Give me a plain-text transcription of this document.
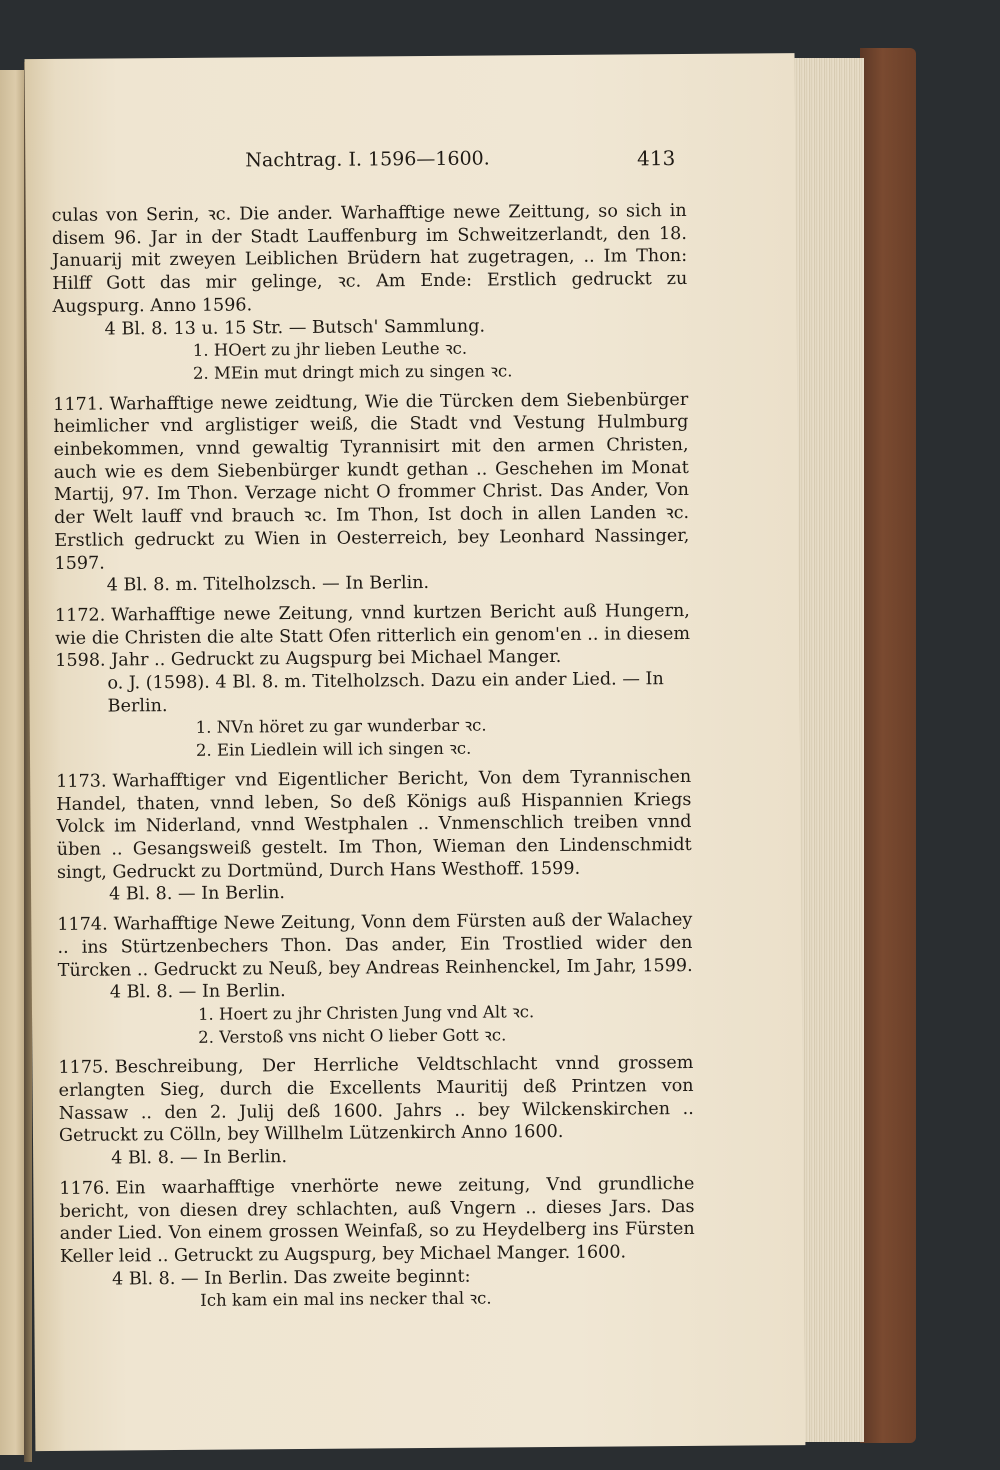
Nachtrag. I. 1596—1600.	413

culas von Serin, ꝛc. Die ander. Warhafftige newe Zeittung, so sich in disem 96. Jar in der Stadt Lauffenburg im Schweitzerlandt, den 18. Januarij mit zweyen Leiblichen Brüdern hat zugetragen, .. Im Thon: Hilff Gott das mir gelinge, ꝛc. Am Ende: Erstlich gedruckt zu Augspurg. Anno 1596.

4 Bl. 8. 13 u. 15 Str. — Butsch' Sammlung.

1. HOert zu jhr lieben Leuthe ꝛc.

2. MEin mut dringt mich zu singen ꝛc.

1171. Warhafftige newe zeidtung, Wie die Türcken dem Siebenbürger heimlicher vnd arglistiger weiß, die Stadt vnd Vestung Hulmburg einbekommen, vnnd gewaltig Tyrannisirt mit den armen Christen, auch wie es dem Siebenbürger kundt gethan .. Geschehen im Monat Martij, 97. Im Thon. Verzage nicht O frommer Christ. Das Ander, Von der Welt lauff vnd brauch ꝛc. Im Thon, Ist doch in allen Landen ꝛc. Erstlich gedruckt zu Wien in Oesterreich, bey Leonhard Nassinger, 1597.

4 Bl. 8. m. Titelholzsch. — In Berlin.

1172. Warhafftige newe Zeitung, vnnd kurtzen Bericht auß Hungern, wie die Christen die alte Statt Ofen ritterlich ein genom'en .. in diesem 1598. Jahr .. Gedruckt zu Augspurg bei Michael Manger.

o. J. (1598). 4 Bl. 8. m. Titelholzsch. Dazu ein ander Lied. — In Berlin.

1. NVn höret zu gar wunderbar ꝛc.

2. Ein Liedlein will ich singen ꝛc.

1173. Warhafftiger vnd Eigentlicher Bericht, Von dem Tyrannischen Handel, thaten, vnnd leben, So deß Königs auß Hispannien Kriegs Volck im Niderland, vnnd Westphalen .. Vnmenschlich treiben vnnd üben .. Gesangsweiß gestelt. Im Thon, Wieman den Lindenschmidt singt, Gedruckt zu Dortmünd, Durch Hans Westhoff. 1599.

4 Bl. 8. — In Berlin.

1174. Warhafftige Newe Zeitung, Vonn dem Fürsten auß der Walachey .. ins Stürtzenbechers Thon. Das ander, Ein Trostlied wider den Türcken .. Gedruckt zu Neuß, bey Andreas Reinhenckel, Im Jahr, 1599.

4 Bl. 8. — In Berlin.

1. Hoert zu jhr Christen Jung vnd Alt ꝛc.

2. Verstoß vns nicht O lieber Gott ꝛc.

1175. Beschreibung, Der Herrliche Veldtschlacht vnnd grossem erlangten Sieg, durch die Excellents Mauritij deß Printzen von Nassaw .. den 2. Julij deß 1600. Jahrs .. bey Wilckenskirchen .. Getruckt zu Cölln, bey Willhelm Lützenkirch Anno 1600.

4 Bl. 8. — In Berlin.

1176. Ein waarhafftige vnerhörte newe zeitung, Vnd grundliche bericht, von diesen drey schlachten, auß Vngern .. dieses Jars. Das ander Lied. Von einem grossen Weinfaß, so zu Heydelberg ins Fürsten Keller leid .. Getruckt zu Augspurg, bey Michael Manger. 1600.

4 Bl. 8. — In Berlin. Das zweite beginnt:

Ich kam ein mal ins necker thal ꝛc.
